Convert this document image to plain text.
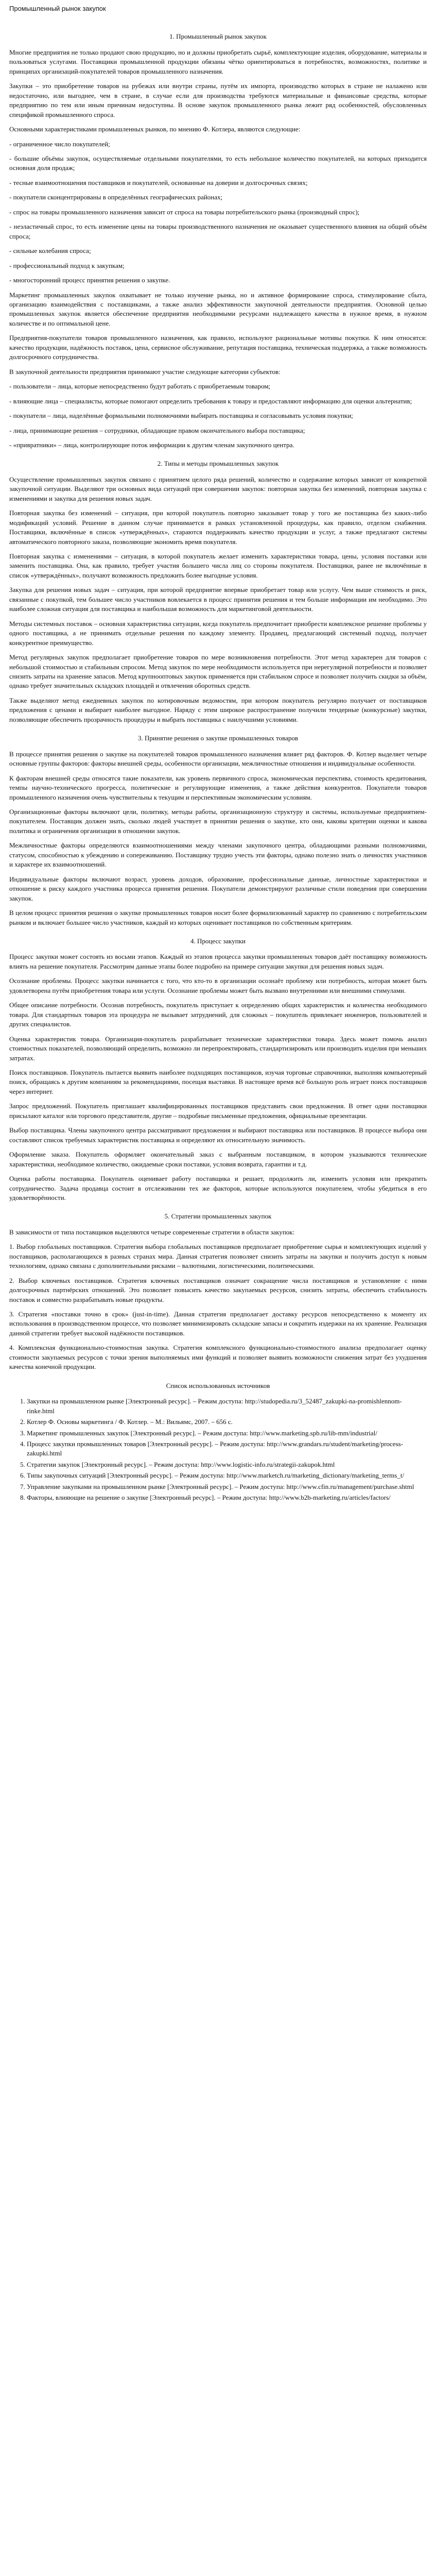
Промышленный рынок закупок
1. Промышленный рынок закупок

Многие предприятия не только продают свою продукцию, но и должны приобретать сырьё, комплектующие изделия, оборудование, материалы и пользоваться услугами. Поставщики промышленной продукции обязаны чётко ориентироваться в потребностях, возможностях, политике и принципах организаций-покупателей товаров промышленного назначения.

Закупки – это приобретение товаров на рубежах или внутри страны, путём их импорта, производство которых в стране не налажено или недостаточно, или выгоднее, чем в стране, в случае если для производства требуются материальные и финансовые средства, которые предприятию по тем или иным причинам недоступны. В основе закупок промышленного рынка лежит ряд особенностей, обусловленных спецификой промышленного спроса.

Основными характеристиками промышленных рынков, по мнению Ф. Котлера, являются следующие:

- ограниченное число покупателей;

- большие объёмы закупок, осуществляемые отдельными покупателями, то есть небольшое количество покупателей, на которых приходится основная доля продаж;

- тесные взаимоотношения поставщиков и покупателей, основанные на доверии и долгосрочных связях;

- покупатели сконцентрированы в определённых географических районах;

- спрос на товары промышленного назначения зависит от спроса на товары потребительского рынка (производный спрос);

- неэластичный спрос, то есть изменение цены на товары производственного назначения не оказывает существенного влияния на общий объём спроса;

- сильные колебания спроса;

- профессиональный подход к закупкам;

- многосторонний процесс принятия решения о закупке.

Маркетинг промышленных закупок охватывает не только изучение рынка, но и активное формирование спроса, стимулирование сбыта, организацию взаимодействия с поставщиками, а также анализ эффективности закупочной деятельности предприятия. Основной целью промышленных закупок является обеспечение предприятия необходимыми ресурсами надлежащего качества в нужное время, в нужном количестве и по оптимальной цене.

Предприятия-покупатели товаров промышленного назначения, как правило, используют рациональные мотивы покупки. К ним относятся: качество продукции, надёжность поставок, цена, сервисное обслуживание, репутация поставщика, техническая поддержка, а также возможность долгосрочного сотрудничества.

В закупочной деятельности предприятия принимают участие следующие категории субъектов:

- пользователи – лица, которые непосредственно будут работать с приобретаемым товаром;

- влияющие лица – специалисты, которые помогают определить требования к товару и предоставляют информацию для оценки альтернатив;

- покупатели – лица, наделённые формальными полномочиями выбирать поставщика и согласовывать условия покупки;

- лица, принимающие решения – сотрудники, обладающие правом окончательного выбора поставщика;

- «привратники» – лица, контролирующие поток информации к другим членам закупочного центра.

2. Типы и методы промышленных закупок

Осуществление промышленных закупок связано с принятием целого ряда решений, количество и содержание которых зависит от конкретной закупочной ситуации. Выделяют три основных вида ситуаций при совершении закупок: повторная закупка без изменений, повторная закупка с изменениями и закупка для решения новых задач.

Повторная закупка без изменений – ситуация, при которой покупатель повторно заказывает товар у того же поставщика без каких-либо модификаций условий. Решение в данном случае принимается в рамках установленной процедуры, как правило, отделом снабжения. Поставщики, включённые в список «утверждённых», стараются поддерживать качество продукции и услуг, а также предлагают системы автоматического повторного заказа, позволяющие экономить время покупателя.

Повторная закупка с изменениями – ситуация, в которой покупатель желает изменить характеристики товара, цены, условия поставки или заменить поставщика. Она, как правило, требует участия большего числа лиц со стороны покупателя. Поставщики, ранее не включённые в список «утверждённых», получают возможность предложить более выгодные условия.

Закупка для решения новых задач – ситуация, при которой предприятие впервые приобретает товар или услугу. Чем выше стоимость и риск, связанные с покупкой, тем большее число участников вовлекается в процесс принятия решения и тем больше информации им необходимо. Это наиболее сложная ситуация для поставщика и наибольшая возможность для маркетинговой деятельности.

Методы системных поставок – основная характеристика ситуации, когда покупатель предпочитает приобрести комплексное решение проблемы у одного поставщика, а не принимать отдельные решения по каждому элементу. Продавец, предлагающий системный подход, получает конкурентное преимущество.

Метод регулярных закупок предполагает приобретение товаров по мере возникновения потребности. Этот метод характерен для товаров с небольшой стоимостью и стабильным спросом. Метод закупок по мере необходимости используется при нерегулярной потребности и позволяет снизить затраты на хранение запасов. Метод крупнооптовых закупок применяется при стабильном спросе и позволяет получить скидки за объём, однако требует значительных складских площадей и отвлечения оборотных средств.

Также выделяют метод ежедневных закупок по котировочным ведомостям, при котором покупатель регулярно получает от поставщиков предложения с ценами и выбирает наиболее выгодное. Наряду с этим широкое распространение получили тендерные (конкурсные) закупки, позволяющие обеспечить прозрачность процедуры и выбрать поставщика с наилучшими условиями.

3. Принятие решения о закупке промышленных товаров

В процессе принятия решения о закупке на покупателей товаров промышленного назначения влияет ряд факторов. Ф. Котлер выделяет четыре основные группы факторов: факторы внешней среды, особенности организации, межличностные отношения и индивидуальные особенности.

К факторам внешней среды относятся такие показатели, как уровень первичного спроса, экономическая перспектива, стоимость кредитования, темпы научно-технического прогресса, политические и регулирующие изменения, а также действия конкурентов. Покупатели товаров промышленного назначения очень чувствительны к текущим и перспективным экономическим условиям.

Организационные факторы включают цели, политику, методы работы, организационную структуру и системы, используемые предприятием-покупателем. Поставщик должен знать, сколько людей участвует в принятии решения о закупке, кто они, каковы критерии оценки и какова политика и ограничения организации в отношении закупок.

Межличностные факторы определяются взаимоотношениями между членами закупочного центра, обладающими разными полномочиями, статусом, способностью к убеждению и сопереживанию. Поставщику трудно учесть эти факторы, однако полезно знать о личностях участников и характере их взаимоотношений.

Индивидуальные факторы включают возраст, уровень доходов, образование, профессиональные данные, личностные характеристики и отношение к риску каждого участника процесса принятия решения. Покупатели демонстрируют различные стили поведения при совершении закупок.

В целом процесс принятия решения о закупке промышленных товаров носит более формализованный характер по сравнению с потребительским рынком и включает большее число участников, каждый из которых оценивает поставщиков по собственным критериям.

4. Процесс закупки

Процесс закупки может состоять из восьми этапов. Каждый из этапов процесса закупки промышленных товаров даёт поставщику возможность влиять на решение покупателя. Рассмотрим данные этапы более подробно на примере ситуации закупки для решения новых задач.

Осознание проблемы. Процесс закупки начинается с того, что кто-то в организации осознаёт проблему или потребность, которая может быть удовлетворена путём приобретения товара или услуги. Осознание проблемы может быть вызвано внутренними или внешними стимулами.

Общее описание потребности. Осознав потребность, покупатель приступает к определению общих характеристик и количества необходимого товара. Для стандартных товаров эта процедура не вызывает затруднений, для сложных – покупатель привлекает инженеров, пользователей и других специалистов.

Оценка характеристик товара. Организация-покупатель разрабатывает технические характеристики товара. Здесь может помочь анализ стоимостных показателей, позволяющий определить, возможно ли перепроектировать, стандартизировать или производить изделия при меньших затратах.

Поиск поставщиков. Покупатель пытается выявить наиболее подходящих поставщиков, изучая торговые справочники, выполняя компьютерный поиск, обращаясь к другим компаниям за рекомендациями, посещая выставки. В настоящее время всё большую роль играет поиск поставщиков через интернет.

Запрос предложений. Покупатель приглашает квалифицированных поставщиков представить свои предложения. В ответ одни поставщики присылают каталог или торгового представителя, другие – подробные письменные предложения, официальные презентации.

Выбор поставщика. Члены закупочного центра рассматривают предложения и выбирают поставщика или поставщиков. В процессе выбора они составляют список требуемых характеристик поставщика и определяют их относительную значимость.

Оформление заказа. Покупатель оформляет окончательный заказ с выбранным поставщиком, в котором указываются технические характеристики, необходимое количество, ожидаемые сроки поставки, условия возврата, гарантии и т.д.

Оценка работы поставщика. Покупатель оценивает работу поставщика и решает, продолжить ли, изменить условия или прекратить сотрудничество. Задача продавца состоит в отслеживании тех же факторов, которые используются покупателем, чтобы убедиться в его удовлетворённости.

5. Стратегии промышленных закупок

В зависимости от типа поставщиков выделяются четыре современные стратегии в области закупок:

1. Выбор глобальных поставщиков. Стратегия выбора глобальных поставщиков предполагает приобретение сырья и комплектующих изделий у поставщиков, располагающихся в разных странах мира. Данная стратегия позволяет снизить затраты на закупки и получить доступ к новым технологиям, однако связана с дополнительными рисками – валютными, логистическими, политическими.

2. Выбор ключевых поставщиков. Стратегия ключевых поставщиков означает сокращение числа поставщиков и установление с ними долгосрочных партнёрских отношений. Это позволяет повысить качество закупаемых ресурсов, снизить затраты, обеспечить стабильность поставок и совместно разрабатывать новые продукты.

3. Стратегия «поставки точно в срок» (just-in-time). Данная стратегия предполагает доставку ресурсов непосредственно к моменту их использования в производственном процессе, что позволяет минимизировать складские запасы и сократить издержки на их хранение. Реализация данной стратегии требует высокой надёжности поставщиков.

4. Комплексная функционально-стоимостная закупка. Стратегия комплексного функционально-стоимостного анализа предполагает оценку стоимости закупаемых ресурсов с точки зрения выполняемых ими функций и позволяет выявить возможности снижения затрат без ухудшения качества конечной продукции.

Список использованных источников
1. Закупки на промышленном рынке [Электронный ресурс]. – Режим доступа: http://studopedia.ru/3_52487_zakupki-na-promishlennom-rinke.html
2. Котлер Ф. Основы маркетинга / Ф. Котлер. – М.: Вильямс, 2007. – 656 с.
3. Маркетинг промышленных закупок [Электронный ресурс]. – Режим доступа: http://www.marketing.spb.ru/lib-mm/industrial/
4. Процесс закупки промышленных товаров [Электронный ресурс]. – Режим доступа: http://www.grandars.ru/student/marketing/process-zakupki.html
5. Стратегии закупок [Электронный ресурс]. – Режим доступа: http://www.logistic-info.ru/strategii-zakupok.html
6. Типы закупочных ситуаций [Электронный ресурс]. – Режим доступа: http://www.marketch.ru/marketing_dictionary/marketing_terms_t/
7. Управление закупками на промышленном рынке [Электронный ресурс]. – Режим доступа: http://www.cfin.ru/management/purchase.shtml
8. Факторы, влияющие на решение о закупке [Электронный ресурс]. – Режим доступа: http://www.b2b-marketing.ru/articles/factors/
